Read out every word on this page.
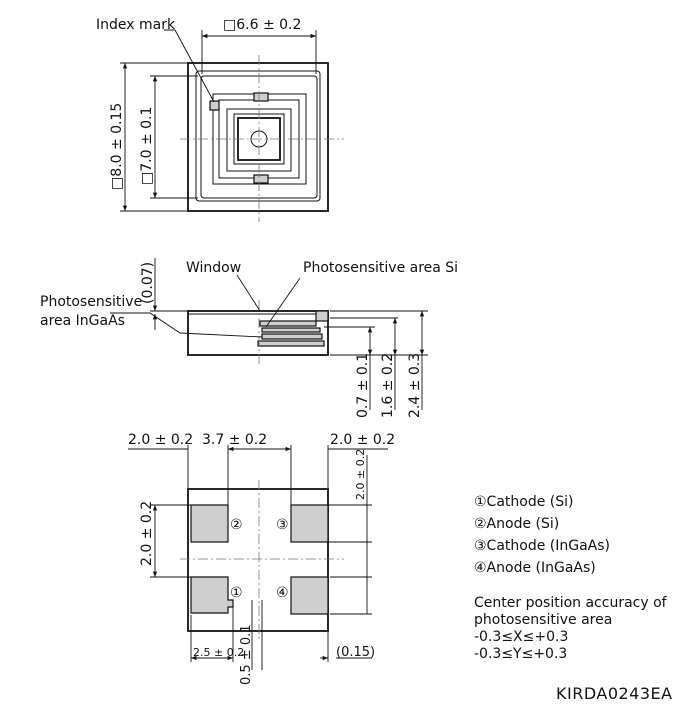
Index mark	□6.6 ± 0.2
□8.0 ± 0.15 □7.0 ± 0.1
Window	Photosensitive area Si
Photosensitive
area InGaAs
(0.07)
0.7 ± 0.1 1.6 ± 0.2 2.4 ± 0.3
② ③
① ④
2.0 ± 0.2 3.7 ± 0.2	2.0 ± 0.2
2.0 ± 0.2
2.0 ± 0.2
2.5 ± 0.2
0.5 ± 0.1	(0.15)
①Cathode (Si)
②Anode (Si)
③Cathode (InGaAs)
④Anode (InGaAs)
Center position accuracy of
photosensitive area
-0.3≤X≤+0.3
-0.3≤Y≤+0.3
KIRDA0243EA
